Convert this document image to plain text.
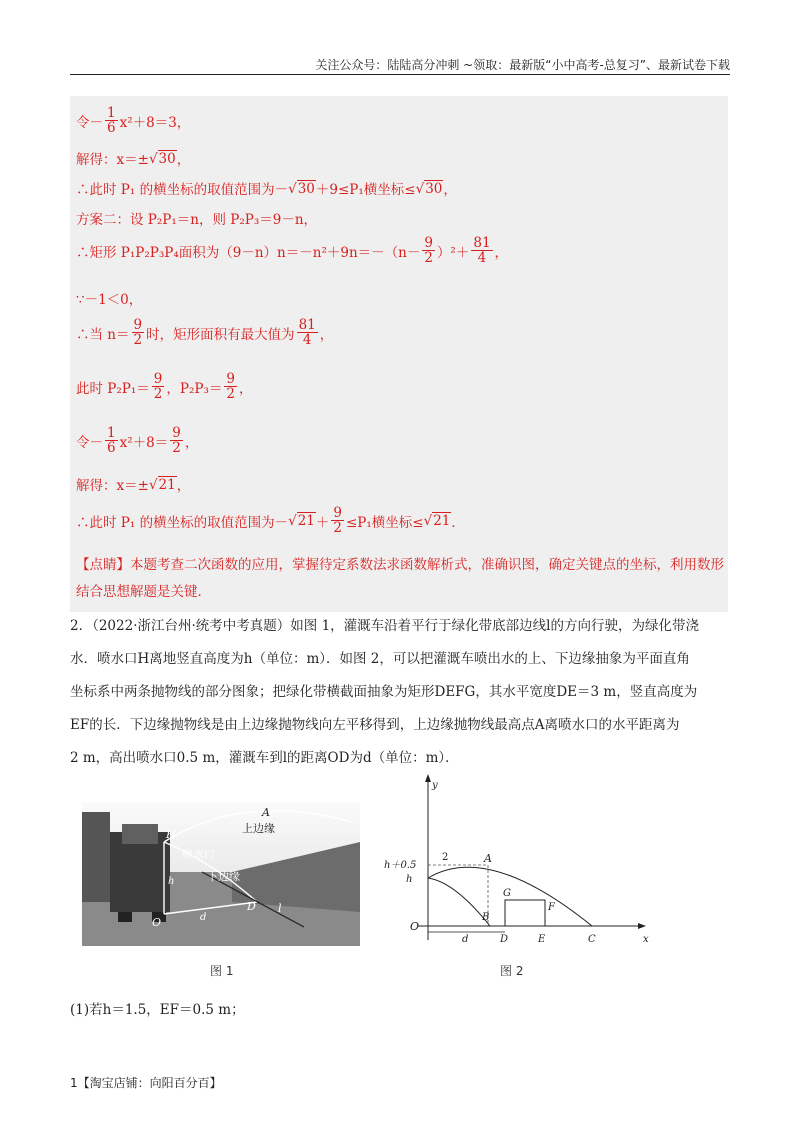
关注公众号：陆陆高分冲刺 ~领取：最新版“小中高考-总复习”、最新试卷下载
令－ $\frac{1}{6} x^2+8=3$，
解得：x＝± √ 30 ，
∴此时 P₁ 的横坐标的取值范围为－ √ 30 ＋9≤P₁横坐标≤ √ 30 ，
方案二：设 P₂P₁＝n，则 P₂P₃＝9－n，
∴矩形 P₁P₂P₃P₄面积为$(9-n)n=-n^2+9n=-(n- \frac{9}{2} )^2+ \frac{81}{4}$ ，
∵－1＜0，
∴当 $n= \frac{9}{2}$ 时，矩形面积有最大值为 $\frac{81}{4}$ ，
此时 $P_2P_1= \frac{9}{2}$ ，$P_2P_3= \frac{9}{2}$ ，
令－ $\frac{1}{6} x^2+8= \frac{9}{2}$ ，
解得：x＝± √ 21 ，
∴此时 P₁ 的横坐标的取值范围为－ √ $21 + \frac{9}{2} \le P_1$横坐标≤ √ 21 ．
【点睛】本题考查二次函数的应用，掌握待定系数法求函数解析式，准确识图，确定关键点的坐标，利用数形结合思想解题是关键．
2．（2022·浙江台州·统考中考真题）如图 1，灌溉车沿着平行于绿化带底部边线l的方向行驶，为绿化带浇
水．喷水口H离地竖直高度为h（单位：m）．如图 2，可以把灌溉车喷出水的上、下边缘抽象为平面直角
坐标系中两条抛物线的部分图象；把绿化带横截面抽象为矩形DEFG，其水平宽度DE＝3 m，竖直高度为
EF的长．下边缘抛物线是由上边缘抛物线向左平移得到，上边缘抛物线最高点A离喷水口的水平距离为
2 m，高出喷水口0.5 m，灌溉车到l的距离OD为d（单位：m）．
A
上边缘
H
喷水口
下边缘
h
D l
O	d
图 1
h＋0.5
h
2	A
y
x
O
B
d	D	E	C
G
F
图 2
(1)若h＝1.5，EF＝0.5 m；
1【淘宝店铺：向阳百分百】
